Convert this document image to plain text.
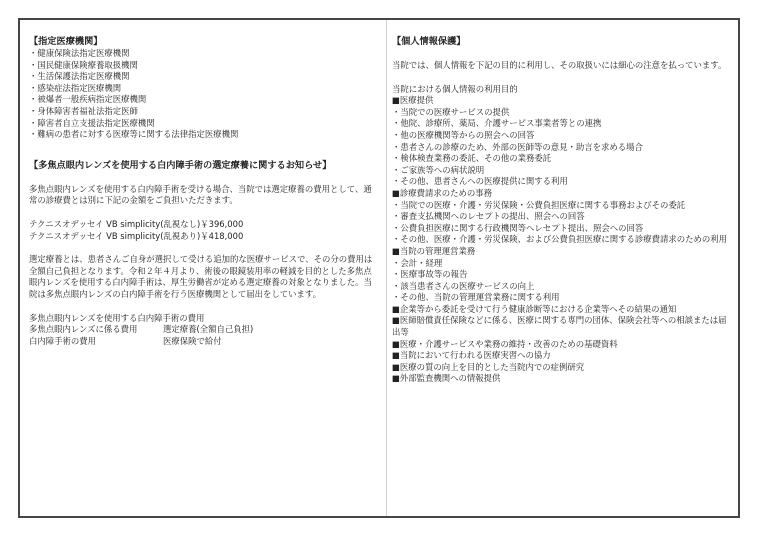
【指定医療機関】
・健康保険法指定医療機関
・国民健康保険療養取扱機関
・生活保護法指定医療機関
・感染症法指定医療機関
・被爆者一般疾病指定医療機関
・身体障害者福祉法指定医師
・障害者自立支援法指定医療機関
・難病の患者に対する医療等に関する法律指定医療機関
【多焦点眼内レンズを使用する白内障手術の選定療養に関するお知らせ】

多焦点眼内レンズを使用する白内障手術を受ける場合、当院では選定療養の費用として、通常の診療費とは別に下記の金額をご負担いただきます。

テクニスオデッセイ VB simplicity(乱視なし)￥396,000
テクニスオデッセイ VB simplicity(乱視あり)￥418,000

選定療養とは、患者さんご自身が選択して受ける追加的な医療サービスで、その分の費用は全額自己負担となります。令和２年４月より、術後の眼鏡装用率の軽減を目的とした多焦点眼内レンズを使用する白内障手術は、厚生労働省が定める選定療養の対象となりました。当院は多焦点眼内レンズの白内障手術を行う医療機関として届出をしています。

多焦点眼内レンズを使用する白内障手術の費用
多焦点眼内レンズに係る費用	選定療養(全額自己負担)
白内障手術の費用	医療保険で給付
【個人情報保護】

当院では、個人情報を下記の目的に利用し、その取扱いには細心の注意を払っています。

当院における個人情報の利用目的
■医療提供
・当院での医療サービスの提供
・他院、診療所、薬局、介護サービス事業者等との連携
・他の医療機関等からの照会への回答
・患者さんの診療のため、外部の医師等の意見・助言を求める場合
・検体検査業務の委託、その他の業務委託
・ご家族等への病状説明
・その他、患者さんへの医療提供に関する利用
■診療費請求のための事務
・当院での医療・介護・労災保険・公費負担医療に関する事務およびその委託
・審査支払機関へのレセプトの提出、照会への回答
・公費負担医療に関する行政機関等へレセプト提出、照会への回答
・その他、医療・介護・労災保険、および公費負担医療に関する診療費請求のための利用
■当院の管理運営業務
・会計・経理
・医療事故等の報告
・該当患者さんの医療サービスの向上
・その他、当院の管理運営業務に関する利用
■企業等から委託を受けて行う健康診断等における企業等へその結果の通知
■医師賠償責任保険などに係る、医療に関する専門の団体、保険会社等への相談または届出等
■医療・介護サービスや業務の維持・改善のための基礎資料
■当院において行われる医療実習への協力
■医療の質の向上を目的とした当院内での症例研究
■外部監査機関への情報提供
